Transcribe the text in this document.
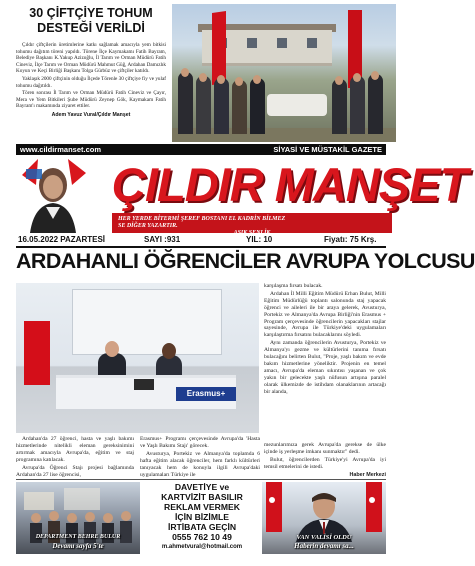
30 ÇİFTÇİYE TOHUM
DESTEĞİ VERİLDİ

Çıldır çiftçilerin üretimlerine katkı sağlamak amacıyla yem bitkisi tohumu dağıtım töreni yapıldı. Törene İlçe Kaymakamı Fatih Bayram, Belediye Başkanı K.Yakup Azizoğlu, İl Tarım ve Orman Müdürü Fatih Cineviz, İlçe Tarım ve Orman Müdürü Mahmut Güğ, Ardahan Damızlık Koyun ve Keçi Birliği Başkanı Tolga Gürbüz ve çiftçiler katıldı.

Yaklaşık 2000 çiftçinin olduğu İlçede Törenle 30 çiftçiye fiy ve yulaf tohumu dağıtıldı.

Tören sonrası İl Tarım ve Orman Müdürü Fatih Cineviz ve Çayır, Mera ve Yem Bitkileri Şube Müdürü Zeynep Gök, Kaymakam Fatih Bayram'ı makamında ziyaret ettiler.

Adem Yavuz Vural/Çıldır Manşet
www.cildirmanset.com	SİYASİ VE MÜSTAKİL GAZETE
ÇILDIR MANŞET
HER YERDE BİTERMİ ŞEREF BOSTANI EL KADRİN BİLMEZ
SE DİĞER YAZARTIR.
AŞIK ŞENLİK
16.05.2022 PAZARTESİ	SAYI :931	YIL: 10	Fiyatı: 75 Krş.
ARDAHANLI ÖĞRENCİLER AVRUPA YOLCUSU
Erasmus+

karşılaşma fırsatı bulacak.

Ardahan İl Milli Eğitim Müdürü Erhan Bulut, Milli Eğitim Müdürlüğü toplantı salonunda staj yapacak öğrenci ve aileleri ile bir araya gelerek, Avusturya, Portekiz ve Almanya'da Avrupa Birliği'nin Erasmus + Program çerçevesinde öğrencilerin yapacakları stajlar sayesinde, Avrupa ile Türkiye'deki uygulamaları karşılaştırma fırsatını bulacaklarını söyledi.

Aynı zamanda öğrencilerin Avusturya, Portekiz ve Almanya'yı gezme ve kültürlerini tanıma fırsatı bulacağını belirten Bulut, "Proje, yaşlı bakım ve evde bakım hizmetlerine yöneliktir. Projenin en temel amacı, Avrupa'da eleman sıkıntısı yaşanan ve çok yakın bir gelecekte yaşlı nüfusun artışına paralel olarak ülkemizde de istihdam olanaklarının artacağı bir alanda,

Ardahan'da 27 öğrenci, hasta ve yaşlı bakımı hizmetlerinde nitelikli eleman gereksinimini artırmak amacıyla Avrupa'da, eğitim ve staj programına katılacak.

Avrupa'da Öğrenci Stajı projesi bağlamında Ardahan'da 27 lise öğrencisi,

Erasmus+ Programı çerçevesinde Avrupa'da 'Hasta ve Yaşlı Bakımı Stajı' görecek.

Avusturya, Portekiz ve Almanya'da toplamda 6 hafta eğitim alacak öğrenciler, hem farklı kültürleri tanıyacak hem de konuyla ilgili Avrupa'daki uygulamaları Türkiye ile

mezunlarımıza gerek Avrupa'da gerekse de ülke içinde iş yerleşme imkanı sunmaktır" dedi.

Bulut, öğrencilerden Türkiye'yi Avrupa'da iyi temsil etmelerini de istedi.

Haber Merkezi
DEPARTMENT BEHRE BULUR
Devamı sayfa 5'te
DAVETİYE ve
KARTVİZİT BASILIR
REKLAM VERMEK
İÇİN BİZİMLE
İRTİBATA GEÇİN
0555 762 10 49
m.ahmetvural@hotmail.com
VAN VALİSİ OLDU
Haberin devamı sa...
